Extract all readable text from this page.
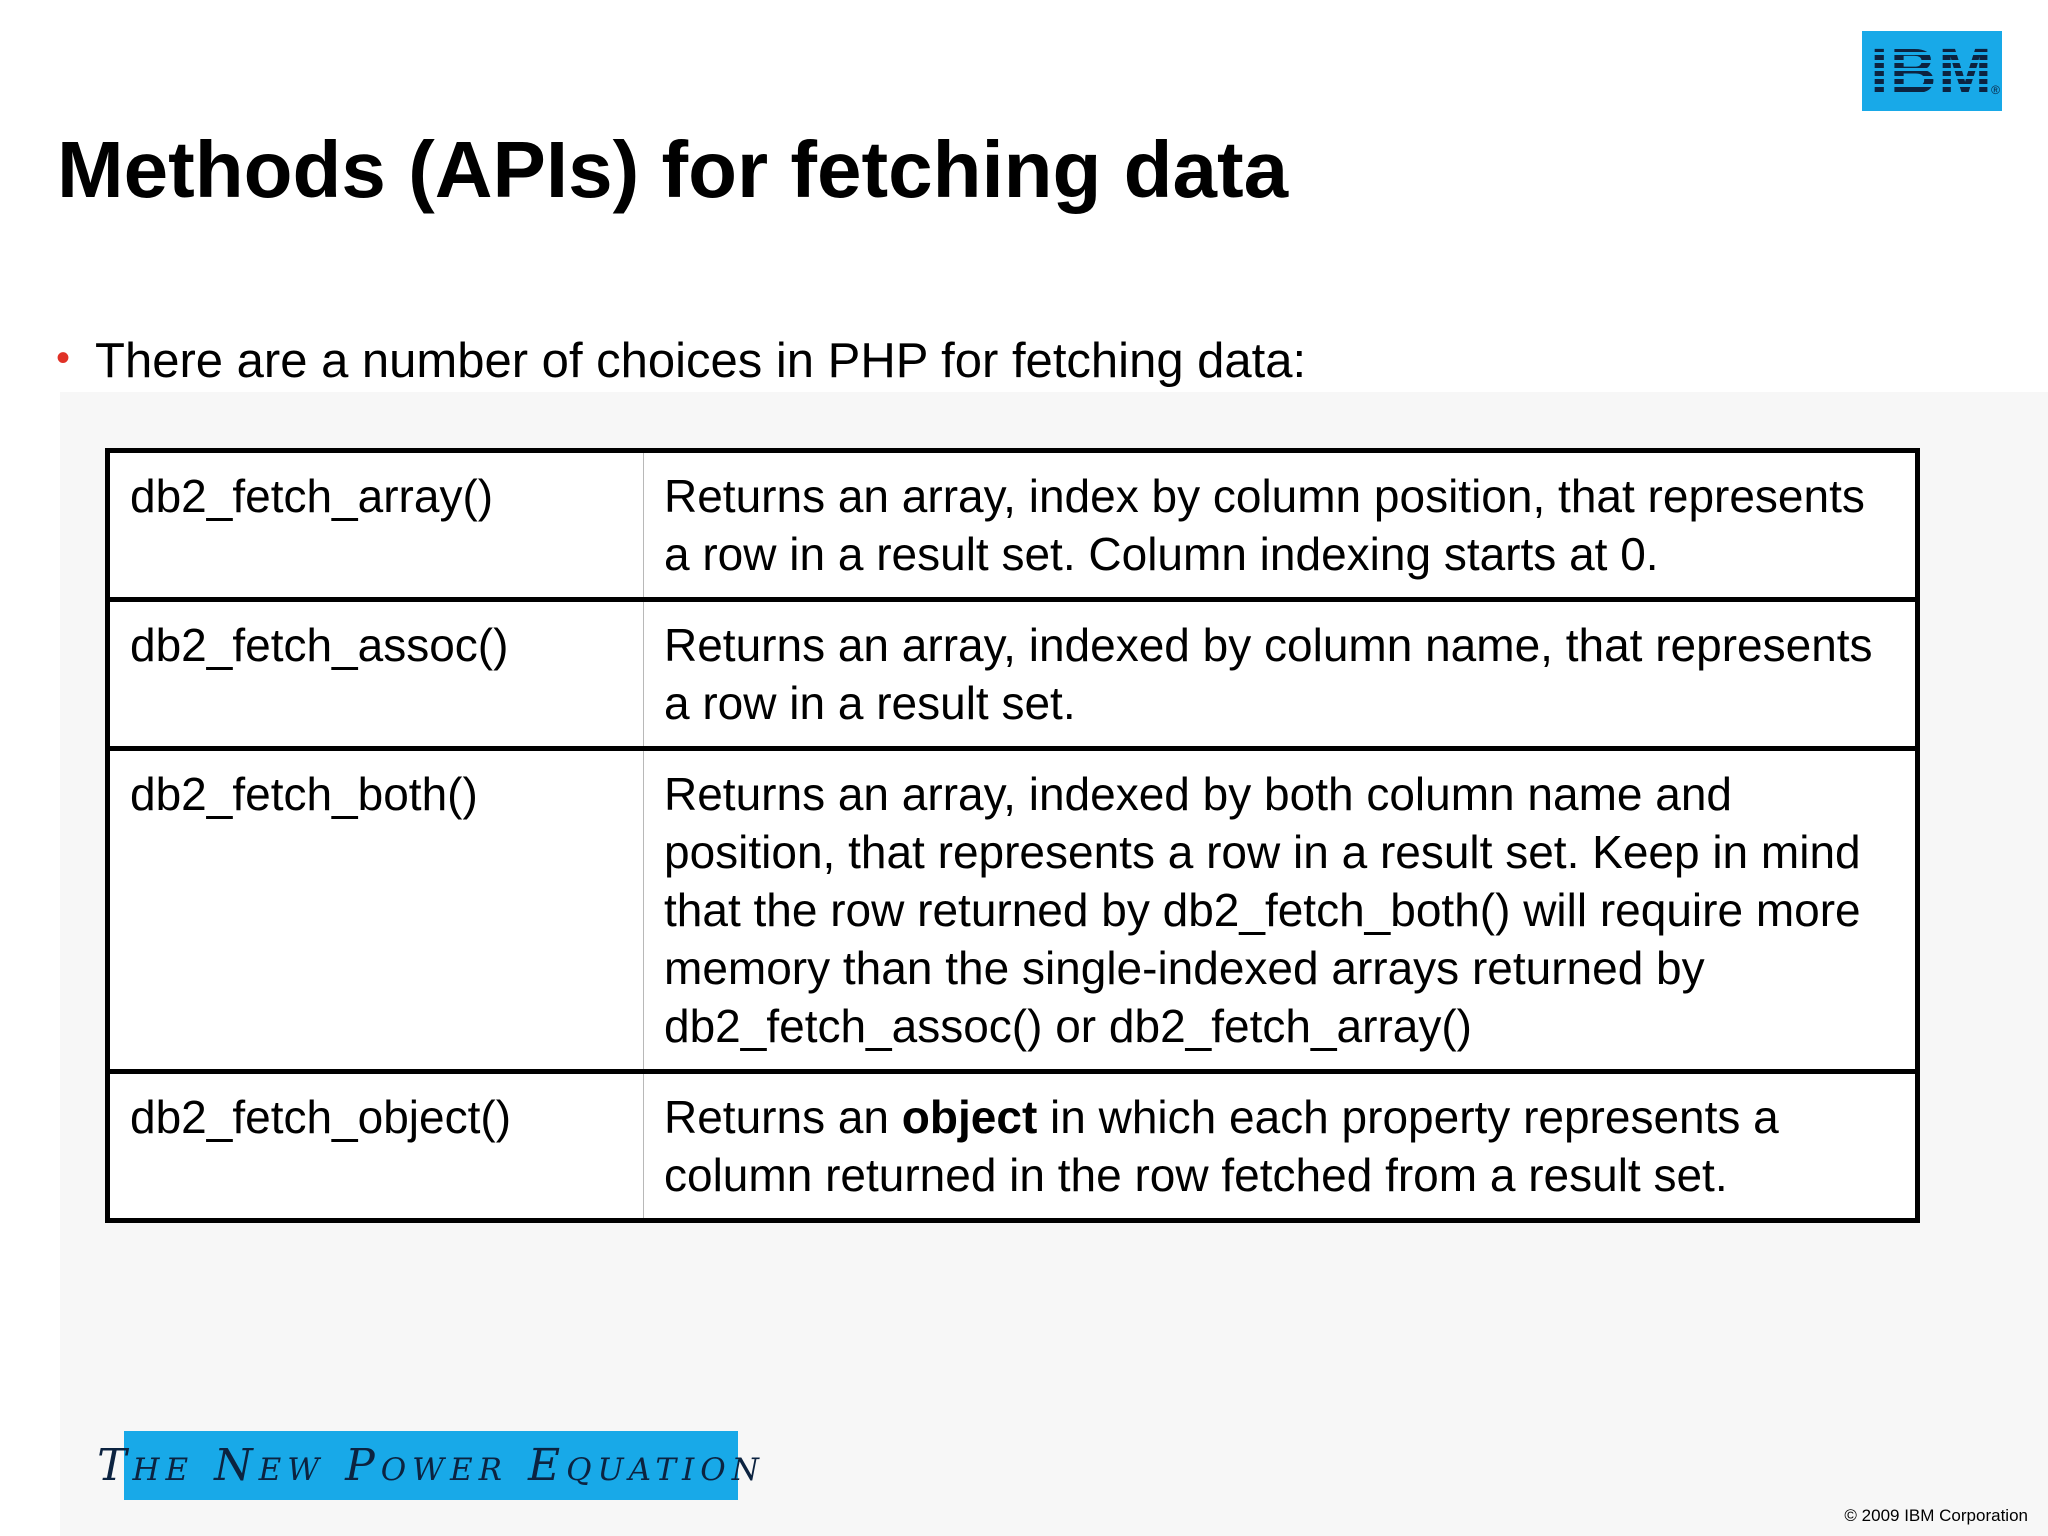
IBM
®
Methods (APIs) for fetching data
• There are a number of choices in PHP for fetching data:
db2_fetch_array()	Returns an array, index by column position, that represents a row in a result set. Column indexing starts at 0.
db2_fetch_assoc()	Returns an array, indexed by column name, that represents a row in a result set.
db2_fetch_both()	Returns an array, indexed by both column name and position, that represents a row in a result set. Keep in mind that the row returned by db2_fetch_both() will require more memory than the single-indexed arrays returned by db2_fetch_assoc() or db2_fetch_array()
db2_fetch_object()	Returns an object in which each property represents a column returned in the row fetched from a result set.
The New Power Equation
© 2009 IBM Corporation
